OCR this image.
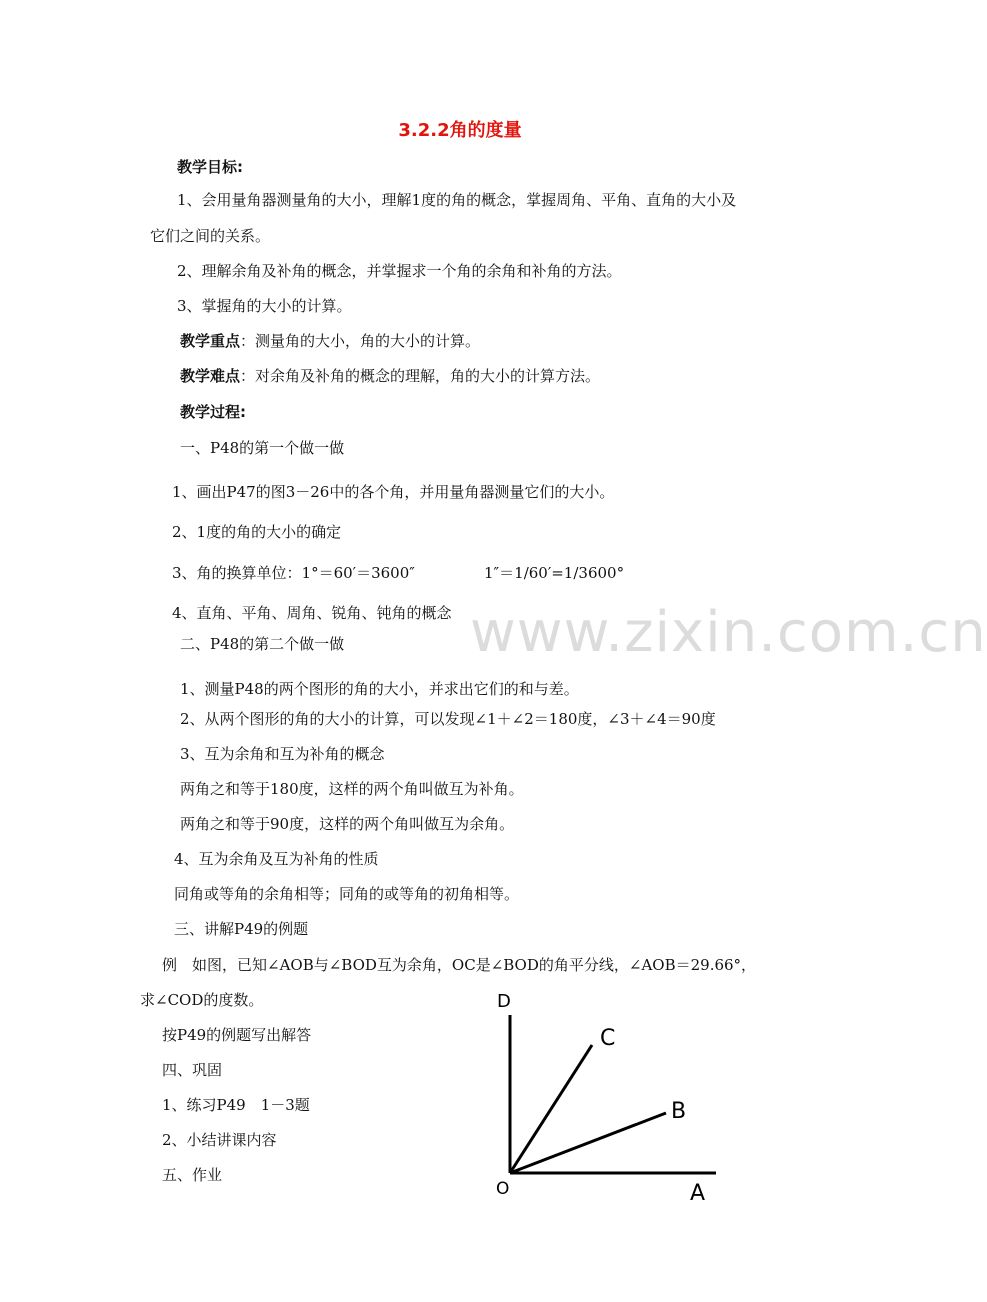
3.2.2角的度量
www.zixin.com.cn
教学目标:
1、会用量角器测量角的大小，理解1度的角的概念，掌握周角、平角、直角的大小及
它们之间的关系。
2、理解余角及补角的概念，并掌握求一个角的余角和补角的方法。
3、掌握角的大小的计算。
教学重点：测量角的大小，角的大小的计算。
教学难点：对余角及补角的概念的理解，角的大小的计算方法。
教学过程:
一、P48的第一个做一做
1、画出P47的图3－26中的各个角，并用量角器测量它们的大小。
2、1度的角的大小的确定
3、角的换算单位：1°＝60′＝3600″	1″＝1/60′=1/3600°
4、直角、平角、周角、锐角、钝角的概念
二、P48的第二个做一做
1、测量P48的两个图形的角的大小，并求出它们的和与差。
2、从两个图形的角的大小的计算，可以发现∠1＋∠2＝180度，∠3＋∠4＝90度
3、互为余角和互为补角的概念
两角之和等于180度，这样的两个角叫做互为补角。
两角之和等于90度，这样的两个角叫做互为余角。
4、互为余角及互为补角的性质
同角或等角的余角相等；同角的或等角的初角相等。
三、讲解P49的例题
例　如图，已知∠AOB与∠BOD互为余角，OC是∠BOD的角平分线，∠AOB＝29.66°，
求∠COD的度数。
按P49的例题写出解答
四、巩固
1、练习P49　1－3题
2、小结讲课内容
五、作业
D
C
B
O	A
